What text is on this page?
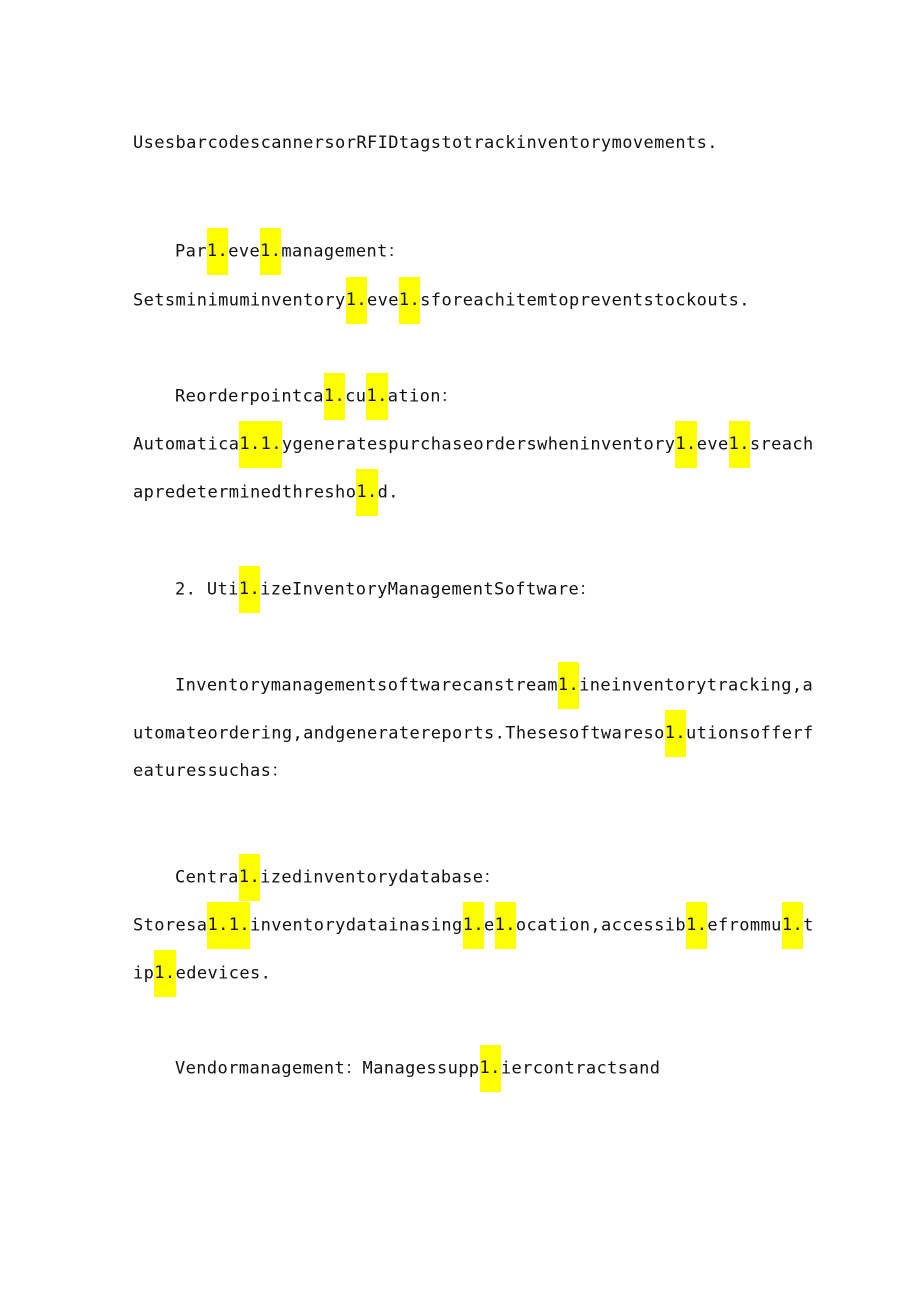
UsesbarcodescannersorRFIDtagstotrackinventorymovements.
Par1.eve1.management：
Setsminimuminventory1.eve1.sforeachitemtopreventstockouts.
Reorderpointca1.cu1.ation：
Automatica1.1.ygeneratespurchaseorderswheninventory1.eve1.sreach
apredeterminedthresho1.d.
2. Uti1.izeInventoryManagementSoftware：
Inventorymanagementsoftwarecanstream1.ineinventorytracking,a
utomateordering,andgeneratereports.Thesesoftwareso1.utionsofferf
eaturessuchas：
Centra1.izedinventorydatabase：
Storesa1.1.inventorydatainasing1.e1.ocation,accessib1.efrommu1.t
ip1.edevices.
Vendormanagement：Managessupp1.iercontractsand
